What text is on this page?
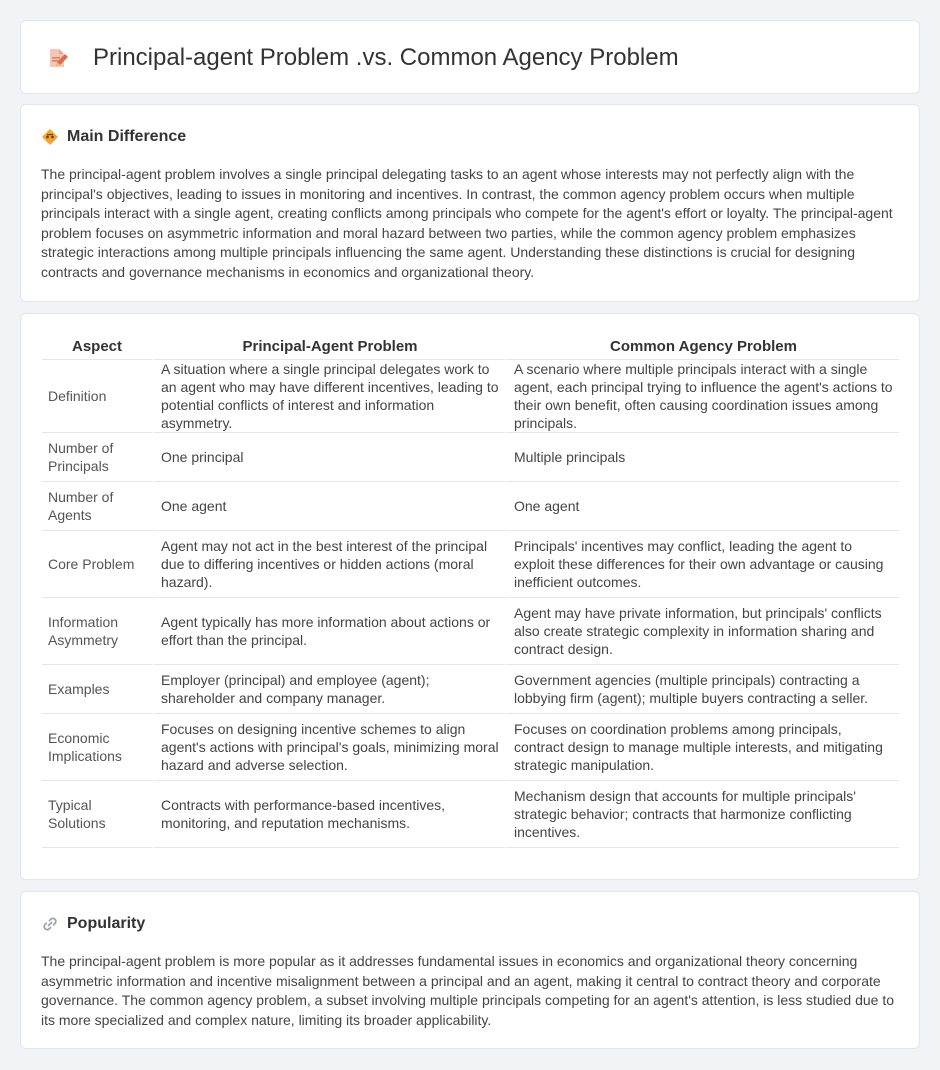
Principal-agent Problem .vs. Common Agency Problem
Main Difference

The principal-agent problem involves a single principal delegating tasks to an agent whose interests may not perfectly align with the principal's objectives, leading to issues in monitoring and incentives. In contrast, the common agency problem occurs when multiple principals interact with a single agent, creating conflicts among principals who compete for the agent's effort or loyalty. The principal-agent problem focuses on asymmetric information and moral hazard between two parties, while the common agency problem emphasizes strategic interactions among multiple principals influencing the same agent. Understanding these distinctions is crucial for designing contracts and governance mechanisms in economics and organizational theory.

Aspect	Principal-Agent Problem	Common Agency Problem
Definition	A situation where a single principal delegates work to an agent who may have different incentives, leading to potential conflicts of interest and information asymmetry.	A scenario where multiple principals interact with a single agent, each principal trying to influence the agent's actions to their own benefit, often causing coordination issues among principals.
Number of Principals	One principal	Multiple principals
Number of Agents	One agent	One agent
Core Problem	Agent may not act in the best interest of the principal due to differing incentives or hidden actions (moral hazard).	Principals' incentives may conflict, leading the agent to exploit these differences for their own advantage or causing inefficient outcomes.
Information Asymmetry	Agent typically has more information about actions or effort than the principal.	Agent may have private information, but principals' conflicts also create strategic complexity in information sharing and contract design.
Examples	Employer (principal) and employee (agent); shareholder and company manager.	Government agencies (multiple principals) contracting a lobbying firm (agent); multiple buyers contracting a seller.
Economic Implications	Focuses on designing incentive schemes to align agent's actions with principal's goals, minimizing moral hazard and adverse selection.	Focuses on coordination problems among principals, contract design to manage multiple interests, and mitigating strategic manipulation.
Typical Solutions	Contracts with performance-based incentives, monitoring, and reputation mechanisms.	Mechanism design that accounts for multiple principals' strategic behavior; contracts that harmonize conflicting incentives.
Popularity

The principal-agent problem is more popular as it addresses fundamental issues in economics and organizational theory concerning asymmetric information and incentive misalignment between a principal and an agent, making it central to contract theory and corporate governance. The common agency problem, a subset involving multiple principals competing for an agent's attention, is less studied due to its more specialized and complex nature, limiting its broader applicability.
